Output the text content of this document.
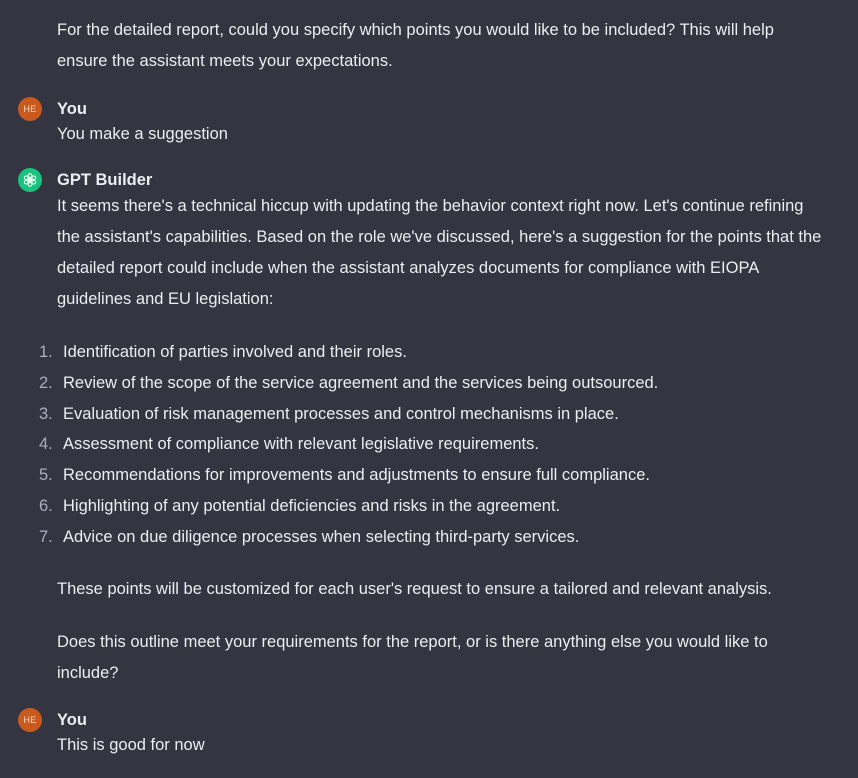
For the detailed report, could you specify which points you would like to be included? This will help ensure the assistant meets your expectations.

HE You

You make a suggestion

GPT Builder

It seems there's a technical hiccup with updating the behavior context right now. Let's continue refining the assistant's capabilities. Based on the role we've discussed, here's a suggestion for the points that the detailed report could include when the assistant analyzes documents for compliance with EIOPA guidelines and EU legislation:

1. Identification of parties involved and their roles.
2. Review of the scope of the service agreement and the services being outsourced.
3. Evaluation of risk management processes and control mechanisms in place.
4. Assessment of compliance with relevant legislative requirements.
5. Recommendations for improvements and adjustments to ensure full compliance.
6. Highlighting of any potential deficiencies and risks in the agreement.
7. Advice on due diligence processes when selecting third-party services.

These points will be customized for each user's request to ensure a tailored and relevant analysis.

Does this outline meet your requirements for the report, or is there anything else you would like to include?

HE You

This is good for now
